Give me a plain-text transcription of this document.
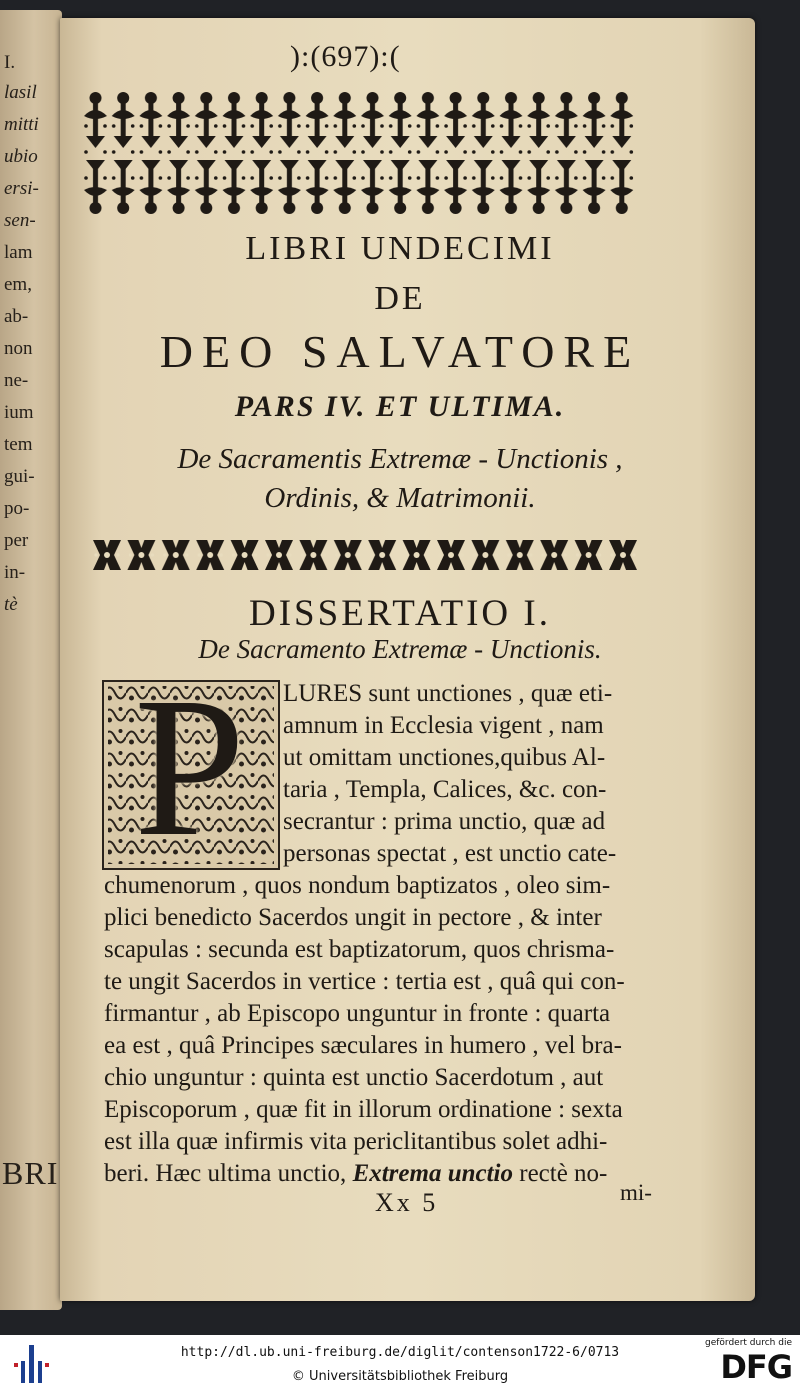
I.
lasil
mitti
ubio
ersi-
sen-
lam
em,
ab-
non
ne-
ium
tem
gui-
po-
per
in-
tè
BRI
):(697):(
LIBRI UNDECIMI
DE
DEO SALVATORE
PARS IV. ET ULTIMA.
De Sacramentis Extremæ - Unctionis ,
Ordinis, & Matrimonii.
DISSERTATIO I.
De Sacramento Extremæ - Unctionis.
P LURES sunt unctiones , quæ eti-
amnum in Ecclesia vigent , nam
ut omittam unctiones,quibus Al-
taria , Templa, Calices, &c. con-
secrantur : prima unctio, quæ ad
personas spectat , est unctio cate-
chumenorum , quos nondum baptizatos , oleo sim-
plici benedicto Sacerdos ungit in pectore , & inter
scapulas : secunda est baptizatorum, quos chrisma-
te ungit Sacerdos in vertice : tertia est , quâ qui con-
firmantur , ab Episcopo unguntur in fronte : quarta
ea est , quâ Principes sæculares in humero , vel bra-
chio unguntur : quinta est unctio Sacerdotum , aut
Episcoporum , quæ fit in illorum ordinatione : sexta
est illa quæ infirmis vita periclitantibus solet adhi-
beri. Hæc ultima unctio, Extrema unctio rectè no-
Xx 5	mi-
http://dl.ub.uni-freiburg.de/diglit/contenson1722-6/0713
© Universitätsbibliothek Freiburg
gefördert durch die
DFG
